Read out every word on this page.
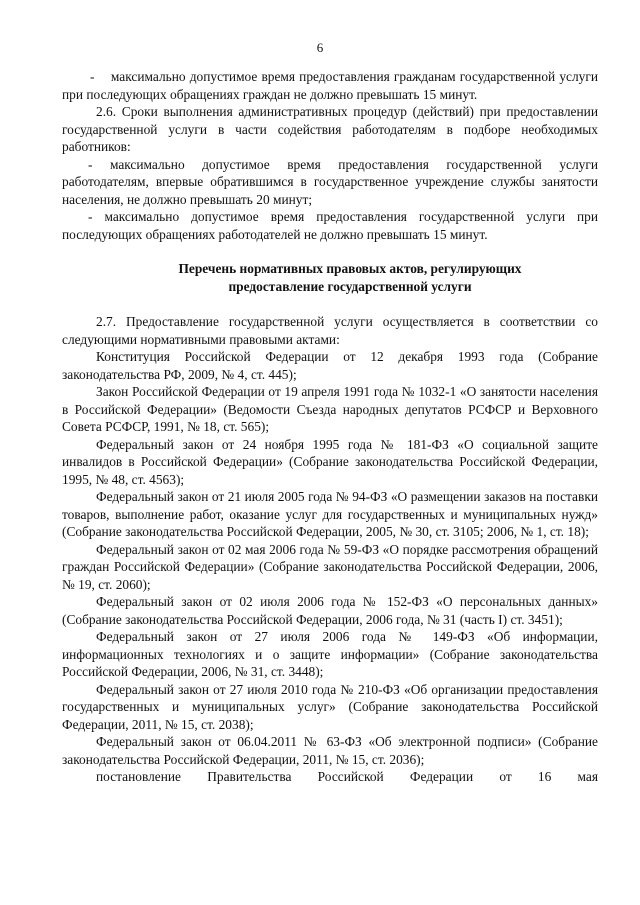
6

-    максимально допустимое время предоставления гражданам государственной услуги при последующих обращениях граждан не должно превышать 15 минут.

2.6. Сроки выполнения административных процедур (действий) при предоставлении государственной услуги в части содействия работодателям в подборе необходимых работников:

- максимально допустимое время предоставления государственной услуги работодателям, впервые обратившимся в государственное учреждение службы занятости населения, не должно превышать 20 минут;

- максимально допустимое время предоставления государственной услуги при последующих обращениях работодателей не должно превышать 15 минут.

Перечень нормативных правовых актов, регулирующих

предоставление государственной услуги

2.7. Предоставление государственной услуги осуществляется в соответствии со следующими нормативными правовыми актами:

Конституция Российской Федерации от 12 декабря 1993 года (Собрание законодательства РФ, 2009, № 4, ст. 445);

Закон Российской Федерации от 19 апреля 1991 года № 1032-1 «О занятости населения в Российской Федерации» (Ведомости Съезда народных депутатов РСФСР и Верховного Совета РСФСР, 1991, № 18, ст. 565);

Федеральный закон от 24 ноября 1995 года № 181-ФЗ «О социальной защите инвалидов в Российской Федерации» (Собрание законодательства Российской Федерации, 1995, № 48, ст. 4563);

Федеральный закон от 21 июля 2005 года № 94-ФЗ «О размещении заказов на поставки товаров, выполнение работ, оказание услуг для государственных и муниципальных нужд» (Собрание законодательства Российской Федерации, 2005, № 30, ст. 3105; 2006, № 1, ст. 18);

Федеральный закон от 02 мая 2006 года № 59-ФЗ «О порядке рассмотрения обращений граждан Российской Федерации» (Собрание законодательства Российской Федерации, 2006, № 19, ст. 2060);

Федеральный закон от 02 июля 2006 года № 152-ФЗ «О персональных данных» (Собрание законодательства Российской Федерации, 2006 года, № 31 (часть I) ст. 3451);

Федеральный закон от 27 июля 2006 года № 149-ФЗ «Об информации, информационных технологиях и о защите информации» (Собрание законодательства Российской Федерации, 2006, № 31, ст. 3448);

Федеральный закон от 27 июля 2010 года № 210-ФЗ «Об организации предоставления государственных и муниципальных услуг» (Собрание законодательства Российской Федерации, 2011, № 15, ст. 2038);

Федеральный закон от 06.04.2011 № 63-ФЗ «Об электронной подписи» (Собрание законодательства Российской Федерации, 2011, № 15, ст. 2036);

постановление Правительства Российской Федерации от 16 мая
